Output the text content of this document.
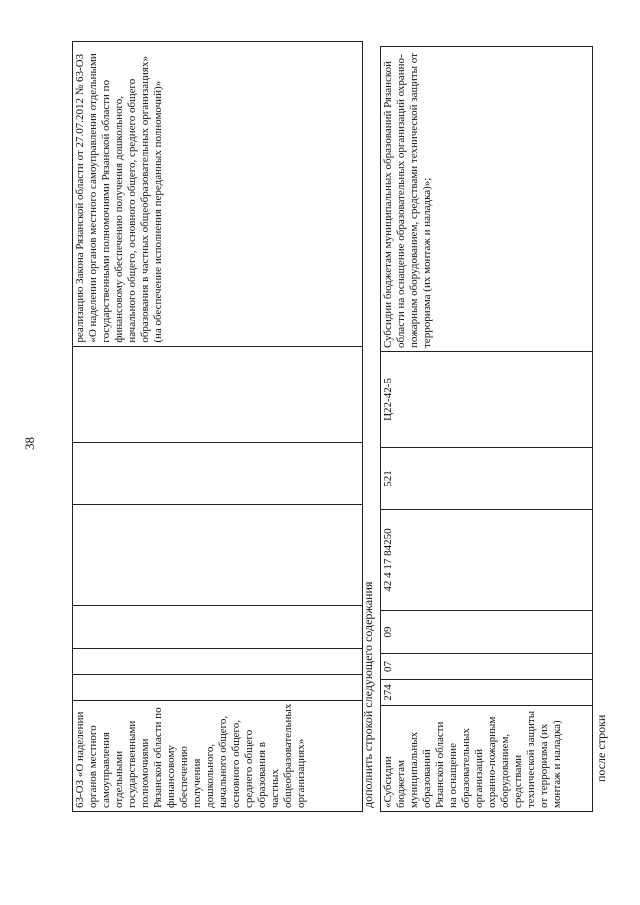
38
63-ОЗ «О наделении органов местного самоуправления отдельными государственными полномочиями Рязанской области по финансовому обеспечению получения дошкольного, начального общего, основного общего, среднего общего образования в частных общеобразовательных организациях»							реализацию Закона Рязанской области от 27.07.2012 № 63-ОЗ «О наделении органов местного самоуправления отдельными государственными полномочиями Рязанской области по финансовому обеспечению получения дошкольного, начального общего, основного общего, среднего общего образования в частных общеобразовательных организациях» (на обеспечение исполнения переданных полномочий)»
дополнить строкой следующего содержания «Субсидии бюджетам муниципальных образований Рязанской области на оснащение образовательных организаций охранно-пожарным оборудованием, средствами технической защиты от терроризма (их монтаж и наладка)	274	07	09	42 4 17 84250	521	Ц22-42-5	Субсидии бюджетам муниципальных образований Рязанской области на оснащение образовательных организаций охранно-пожарным оборудованием, средствами технической защиты от терроризма (их монтаж и наладка)»;
после строки
